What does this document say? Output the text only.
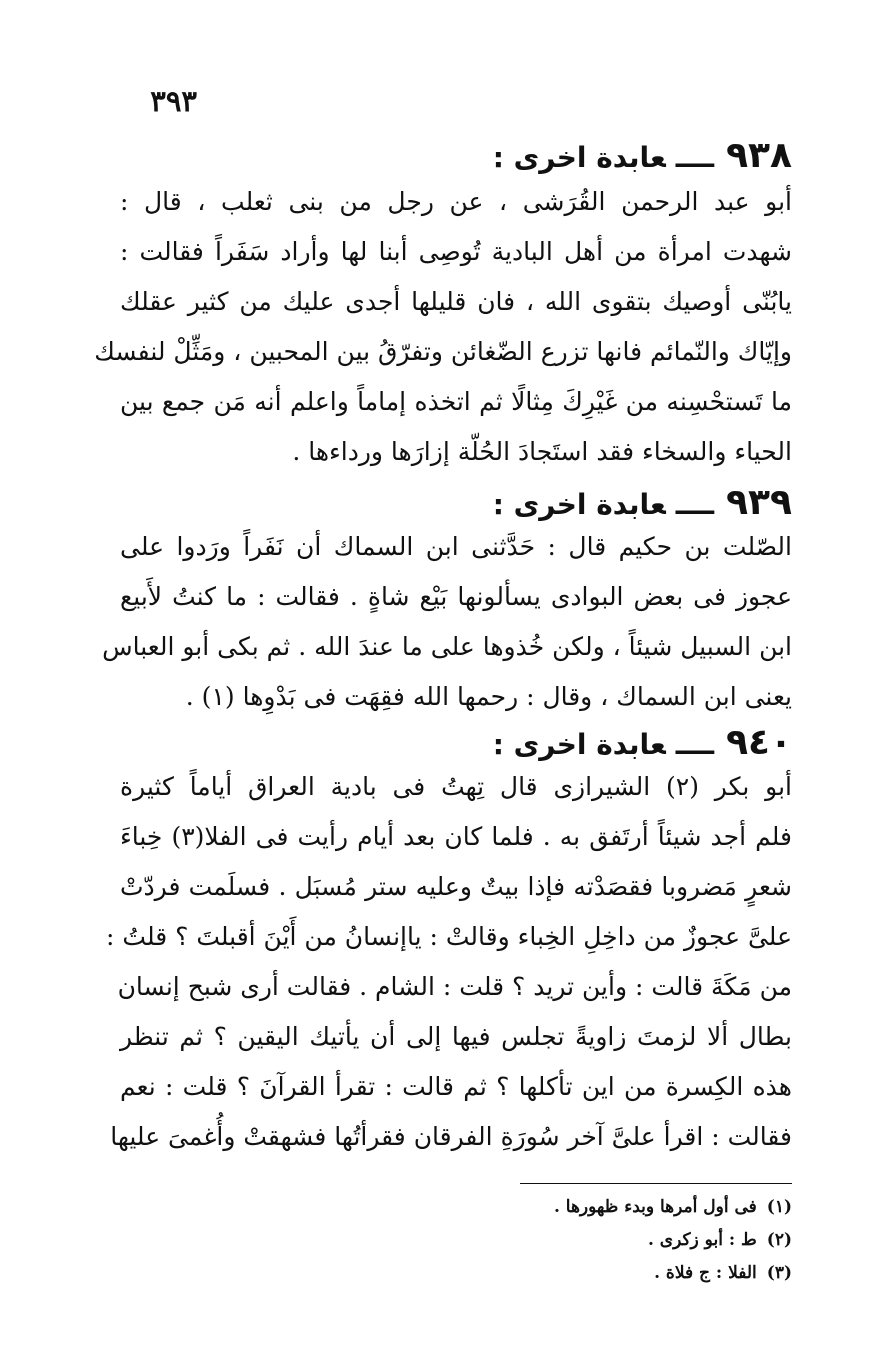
٣٩٣
٩٣٨ــــعابدة اخرى :
أبو عبد الرحمن القُرَشى ، عن رجل من بنى ثعلب ، قال :
شهدت امرأة من أهل البادية تُوصِى أبنا لها وأراد سَفَراً فقالت :
يابُنّى أوصيك بتقوى الله ، فان قليلها أجدى عليك من كثير عقلك
وإيّاك والنّمائم فانها تزرع الضّغائن وتفرّقُ بين المحبين ، ومَثِّلْ لنفسك
ما تَستحْسِنه من غَيْرِكَ مِثالًا ثم اتخذه إماماً واعلم أنه مَن جمع بين
الحياء والسخاء فقد استَجادَ الحُلّة إزارَها ورداءها .
٩٣٩ــــعابدة اخرى :
الصّلت بن حكيم قال : حَدَّثنى ابن السماك أن نَفَراً ورَدوا على
عجوز فى بعض البوادى يسألونها بَيْع شاةٍ . فقالت : ما كنتُ لأَبيع
ابن السبيل شيئاً ، ولكن خُذوها على ما عندَ الله . ثم بكى أبو العباس
يعنى ابن السماك ، وقال : رحمها الله فقِهَت فى بَدْوِها (١) .
٩٤٠ــــعابدة اخرى :
أبو بكر (٢) الشيرازى قال تِهتُ فى بادية العراق أياماً كثيرة
فلم أجد شيئاً أرتَفق به . فلما كان بعد أيام رأيت فى الفلا(٣) خِباءَ
شعرٍ مَضروبا فقصَدْته فإذا بيتٌ وعليه ستر مُسبَل . فسلَمت فردّتْ
علىَّ عجوزٌ من داخِلِ الخِباء وقالتْ : ياإنسانُ من أَيْنَ أقبلتَ ؟ قلتُ :
من مَكَةَ قالت : وأين تريد ؟ قلت : الشام . فقالت أرى شبح إنسان
بطال ألا لزمتَ زاويةً تجلس فيها إلى أن يأتيك اليقين ؟ ثم تنظر
هذه الكِسرة من اين تأكلها ؟ ثم قالت : تقرأ القرآنَ ؟ قلت : نعم
فقالت : اقرأ علىَّ آخر سُورَةِ الفرقان فقرأتُها فشهقتْ وأُغمىَ عليها
(١)فى أول أمرها وبدء ظهورها .
(٢)ط : أبو زكرى .
(٣)الفلا : ج فلاة .
